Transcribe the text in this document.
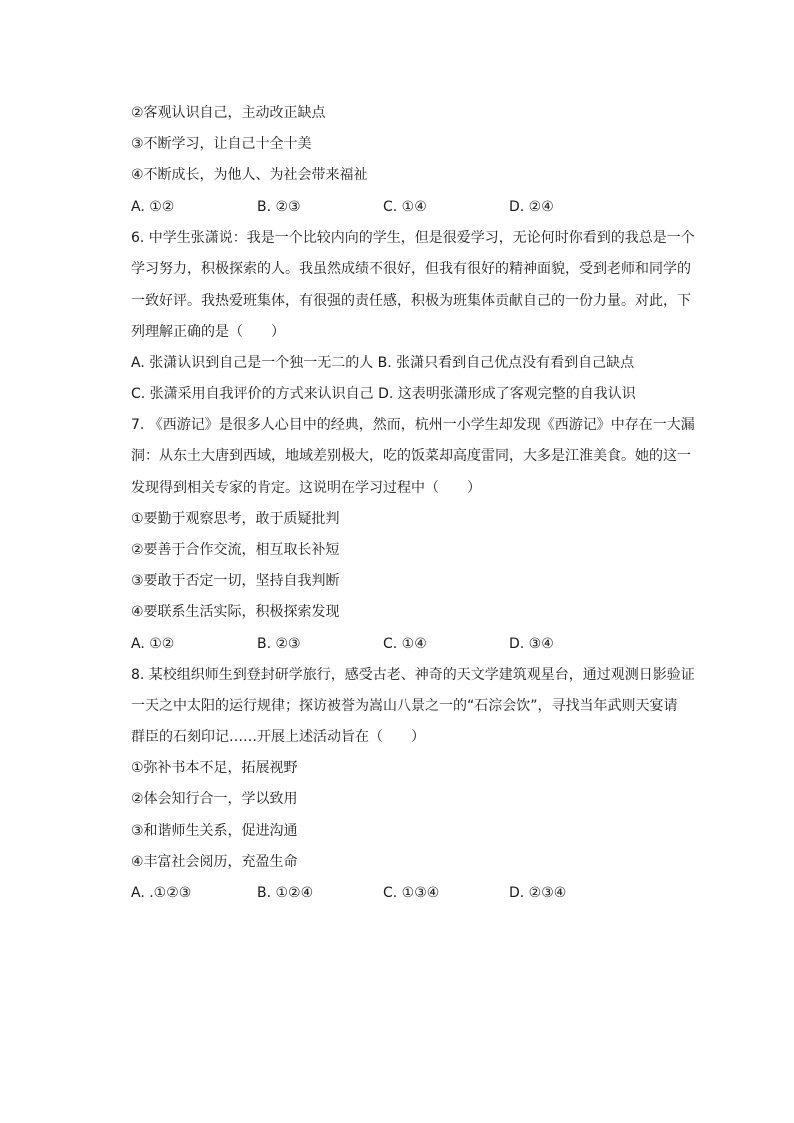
②客观认识自己，主动改正缺点
③不断学习，让自己十全十美
④不断成长，为他人、为社会带来福祉
A. ①②	B. ②③	C. ①④	D. ②④
6. 中学生张潇说：我是一个比较内向的学生，但是很爱学习，无论何时你看到的我总是一个
学习努力，积极探索的人。我虽然成绩不很好，但我有很好的精神面貌，受到老师和同学的
一致好评。我热爱班集体，有很强的责任感，积极为班集体贡献自己的一份力量。对此，下
列理解正确的是（　　）
A. 张潇认识到自己是一个独一无二的人 B. 张潇只看到自己优点没有看到自己缺点
C. 张潇采用自我评价的方式来认识自己 D. 这表明张潇形成了客观完整的自我认识
7. 《西游记》是很多人心目中的经典，然而，杭州一小学生却发现《西游记》中存在一大漏
洞：从东土大唐到西域，地域差别极大，吃的饭菜却高度雷同，大多是江淮美食。她的这一
发现得到相关专家的肯定。这说明在学习过程中（　　）
①要勤于观察思考，敢于质疑批判
②要善于合作交流，相互取长补短
③要敢于否定一切，坚持自我判断
④要联系生活实际，积极探索发现
A. ①②	B. ②③	C. ①④	D. ③④
8. 某校组织师生到登封研学旅行，感受古老、神奇的天文学建筑观星台，通过观测日影验证
一天之中太阳的运行规律；探访被誉为嵩山八景之一的“石淙会饮”，寻找当年武则天宴请
群臣的石刻印记……开展上述活动旨在（　　）
①弥补书本不足，拓展视野
②体会知行合一，学以致用
③和谐师生关系，促进沟通
④丰富社会阅历，充盈生命
A. .①②③	B. ①②④	C. ①③④	D. ②③④
